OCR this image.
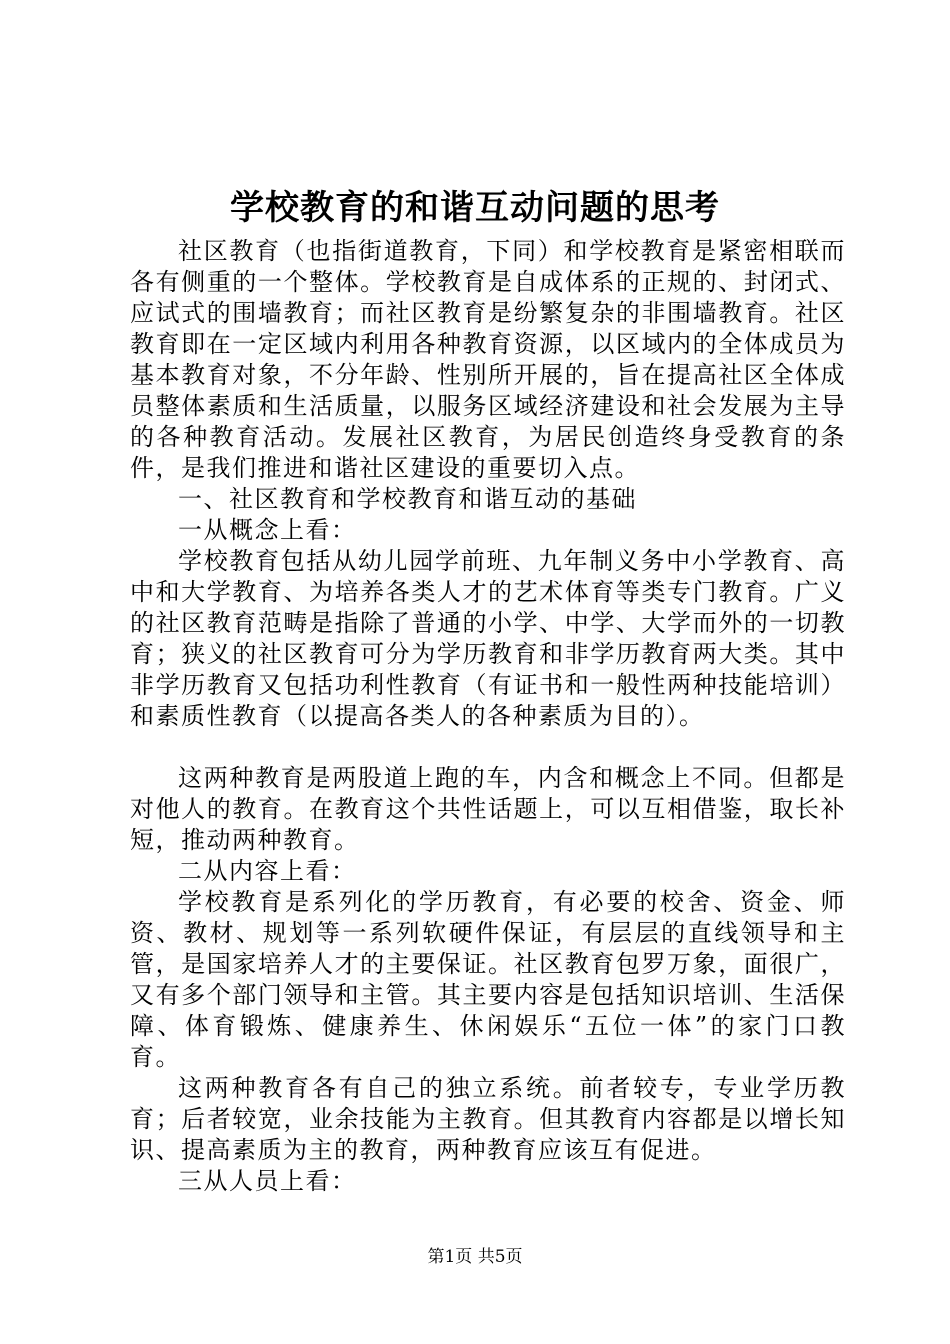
学校教育的和谐互动问题的思考

社区教育（也指街道教育，下同）和学校教育是紧密相联而各有侧重的一个整体。学校教育是自成体系的正规的、封闭式、应试式的围墙教育；而社区教育是纷繁复杂的非围墙教育。社区教育即在一定区域内利用各种教育资源，以区域内的全体成员为基本教育对象，不分年龄、性别所开展的，旨在提高社区全体成员整体素质和生活质量，以服务区域经济建设和社会发展为主导的各种教育活动。发展社区教育，为居民创造终身受教育的条件，是我们推进和谐社区建设的重要切入点。

一、社区教育和学校教育和谐互动的基础

一从概念上看：

学校教育包括从幼儿园学前班、九年制义务中小学教育、高中和大学教育、为培养各类人才的艺术体育等类专门教育。广义的社区教育范畴是指除了普通的小学、中学、大学而外的一切教育；狭义的社区教育可分为学历教育和非学历教育两大类。其中非学历教育又包括功利性教育（有证书和一般性两种技能培训）和素质性教育（以提高各类人的各种素质为目的）。

这两种教育是两股道上跑的车，内含和概念上不同。但都是对他人的教育。在教育这个共性话题上，可以互相借鉴，取长补短，推动两种教育。

二从内容上看：

学校教育是系列化的学历教育，有必要的校舍、资金、师资、教材、规划等一系列软硬件保证，有层层的直线领导和主管，是国家培养人才的主要保证。社区教育包罗万象，面很广，又有多个部门领导和主管。其主要内容是包括知识培训、生活保障、体育锻炼、健康养生、休闲娱乐“五位一体”的家门口教育。

这两种教育各有自己的独立系统。前者较专，专业学历教育；后者较宽，业余技能为主教育。但其教育内容都是以增长知识、提高素质为主的教育，两种教育应该互有促进。

三从人员上看：

第1页 共5页
